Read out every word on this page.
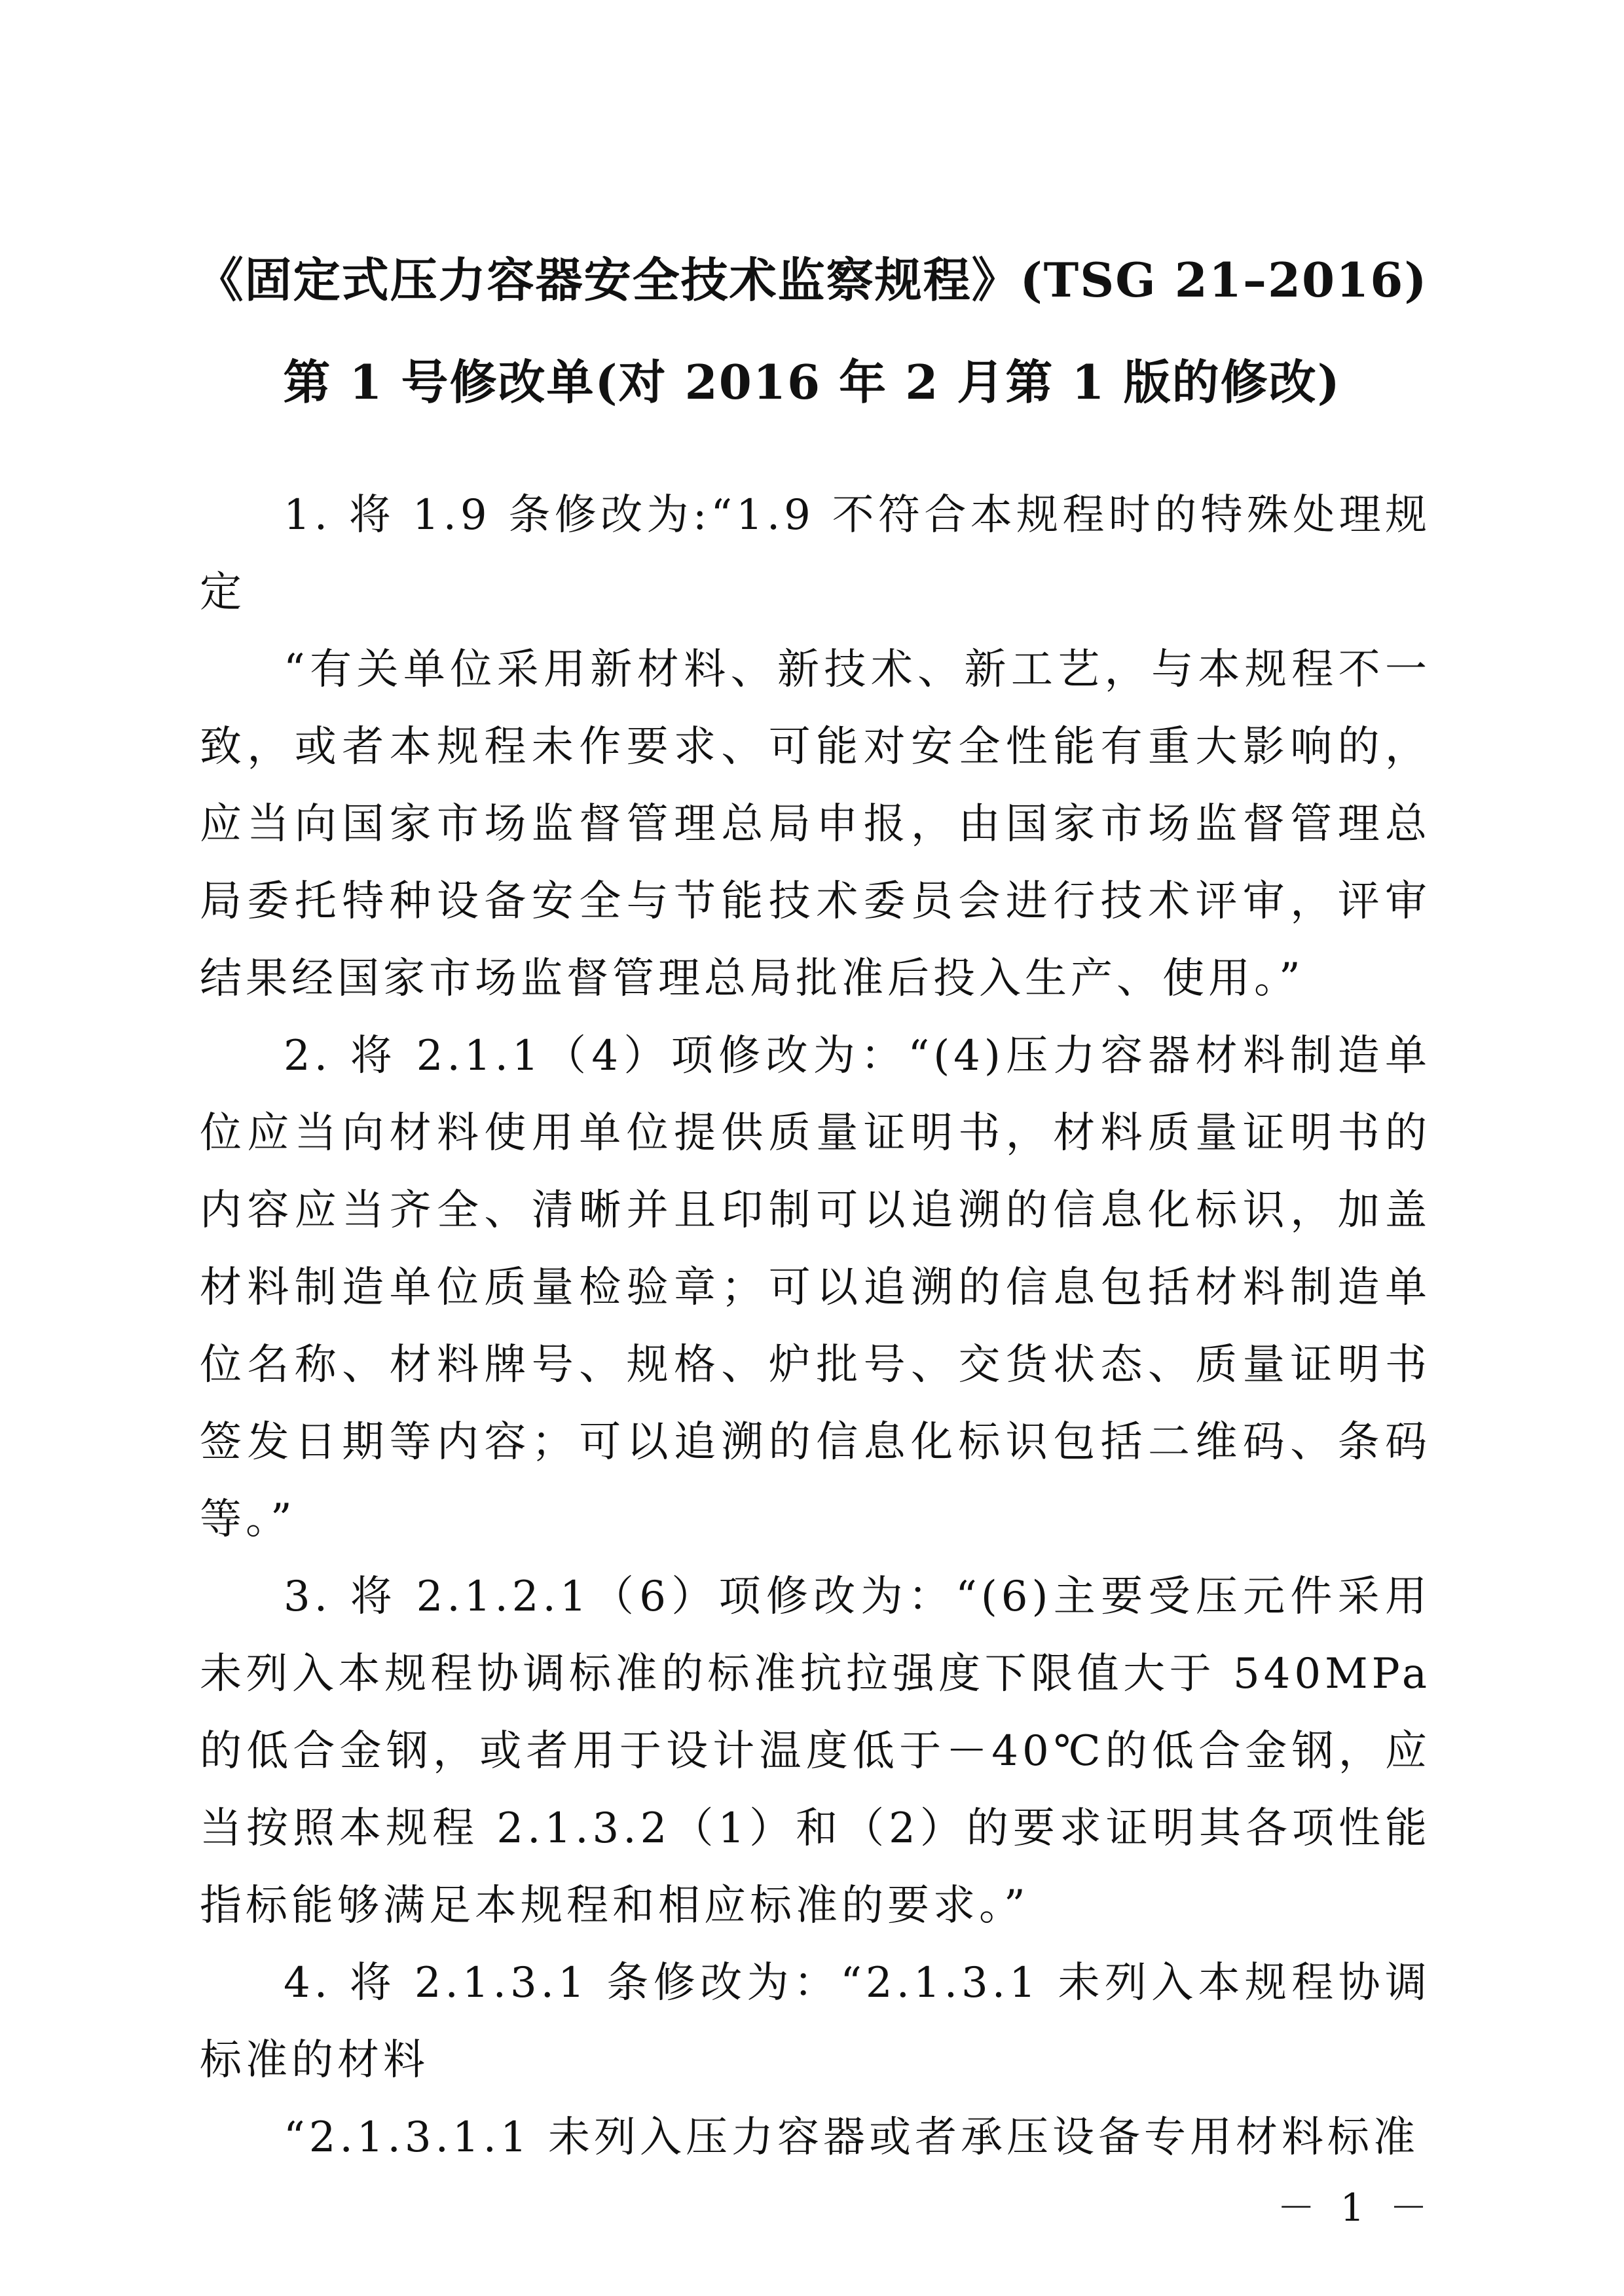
《固定式压力容器安全技术监察规程》(TSG 21–2016)
第 1 号修改单(对 2016 年 2 月第 1 版的修改)

1. 将 1.9 条修改为:“1.9 不符合本规程时的特殊处理规定

“有关单位采用新材料、新技术、新工艺，与本规程不一致，或者本规程未作要求、可能对安全性能有重大影响的，应当向国家市场监督管理总局申报，由国家市场监督管理总局委托特种设备安全与节能技术委员会进行技术评审，评审结果经国家市场监督管理总局批准后投入生产、使用。”

2. 将 2.1.1（4）项修改为：“(4)压力容器材料制造单位应当向材料使用单位提供质量证明书，材料质量证明书的内容应当齐全、清晰并且印制可以追溯的信息化标识，加盖材料制造单位质量检验章；可以追溯的信息包括材料制造单位名称、材料牌号、规格、炉批号、交货状态、质量证明书签发日期等内容；可以追溯的信息化标识包括二维码、条码等。”

3. 将 2.1.2.1（6）项修改为：“(6)主要受压元件采用未列入本规程协调标准的标准抗拉强度下限值大于 540MPa 的低合金钢，或者用于设计温度低于－40℃的低合金钢，应当按照本规程 2.1.3.2（1）和（2）的要求证明其各项性能指标能够满足本规程和相应标准的要求。”

4. 将 2.1.3.1 条修改为：“2.1.3.1 未列入本规程协调标准的材料

“2.1.3.1.1 未列入压力容器或者承压设备专用材料标准

－ 1 －
